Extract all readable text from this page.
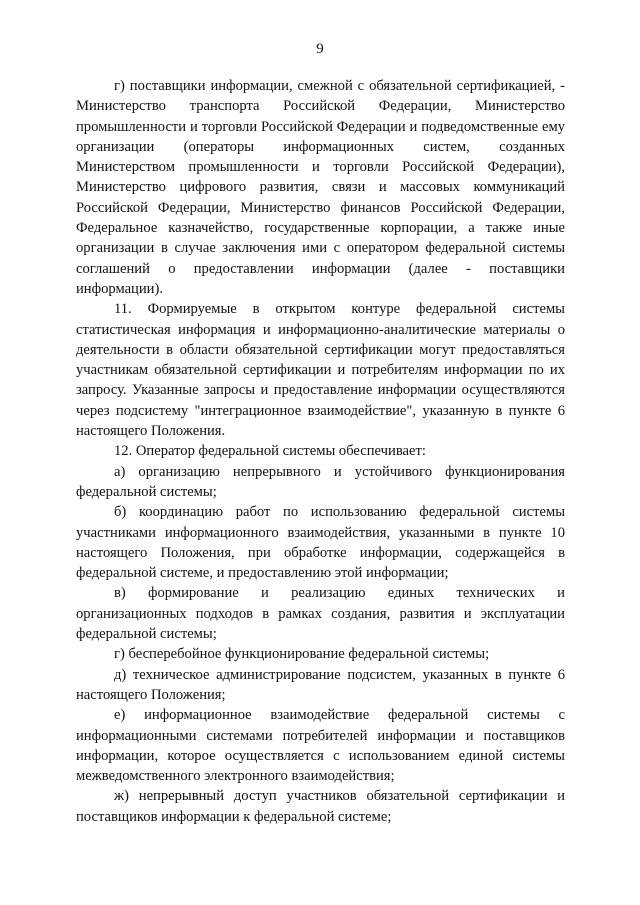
9

г) поставщики информации, смежной с обязательной сертификацией, - Министерство транспорта Российской Федерации, Министерство промышленности и торговли Российской Федерации и подведомственные ему организации (операторы информационных систем, созданных Министерством промышленности и торговли Российской Федерации), Министерство цифрового развития, связи и массовых коммуникаций Российской Федерации, Министерство финансов Российской Федерации, Федеральное казначейство, государственные корпорации, а также иные организации в случае заключения ими с оператором федеральной системы соглашений о предоставлении информации (далее - поставщики информации).

11. Формируемые в открытом контуре федеральной системы статистическая информация и информационно-аналитические материалы о деятельности в области обязательной сертификации могут предоставляться участникам обязательной сертификации и потребителям информации по их запросу. Указанные запросы и предоставление информации осуществляются через подсистему "интеграционное взаимодействие", указанную в пункте 6 настоящего Положения.

12. Оператор федеральной системы обеспечивает:

а) организацию непрерывного и устойчивого функционирования федеральной системы;

б) координацию работ по использованию федеральной системы участниками информационного взаимодействия, указанными в пункте 10 настоящего Положения, при обработке информации, содержащейся в федеральной системе, и предоставлению этой информации;

в) формирование и реализацию единых технических и организационных подходов в рамках создания, развития и эксплуатации федеральной системы;

г) бесперебойное функционирование федеральной системы;

д) техническое администрирование подсистем, указанных в пункте 6 настоящего Положения;

е) информационное взаимодействие федеральной системы с информационными системами потребителей информации и поставщиков информации, которое осуществляется с использованием единой системы межведомственного электронного взаимодействия;

ж) непрерывный доступ участников обязательной сертификации и поставщиков информации к федеральной системе;
